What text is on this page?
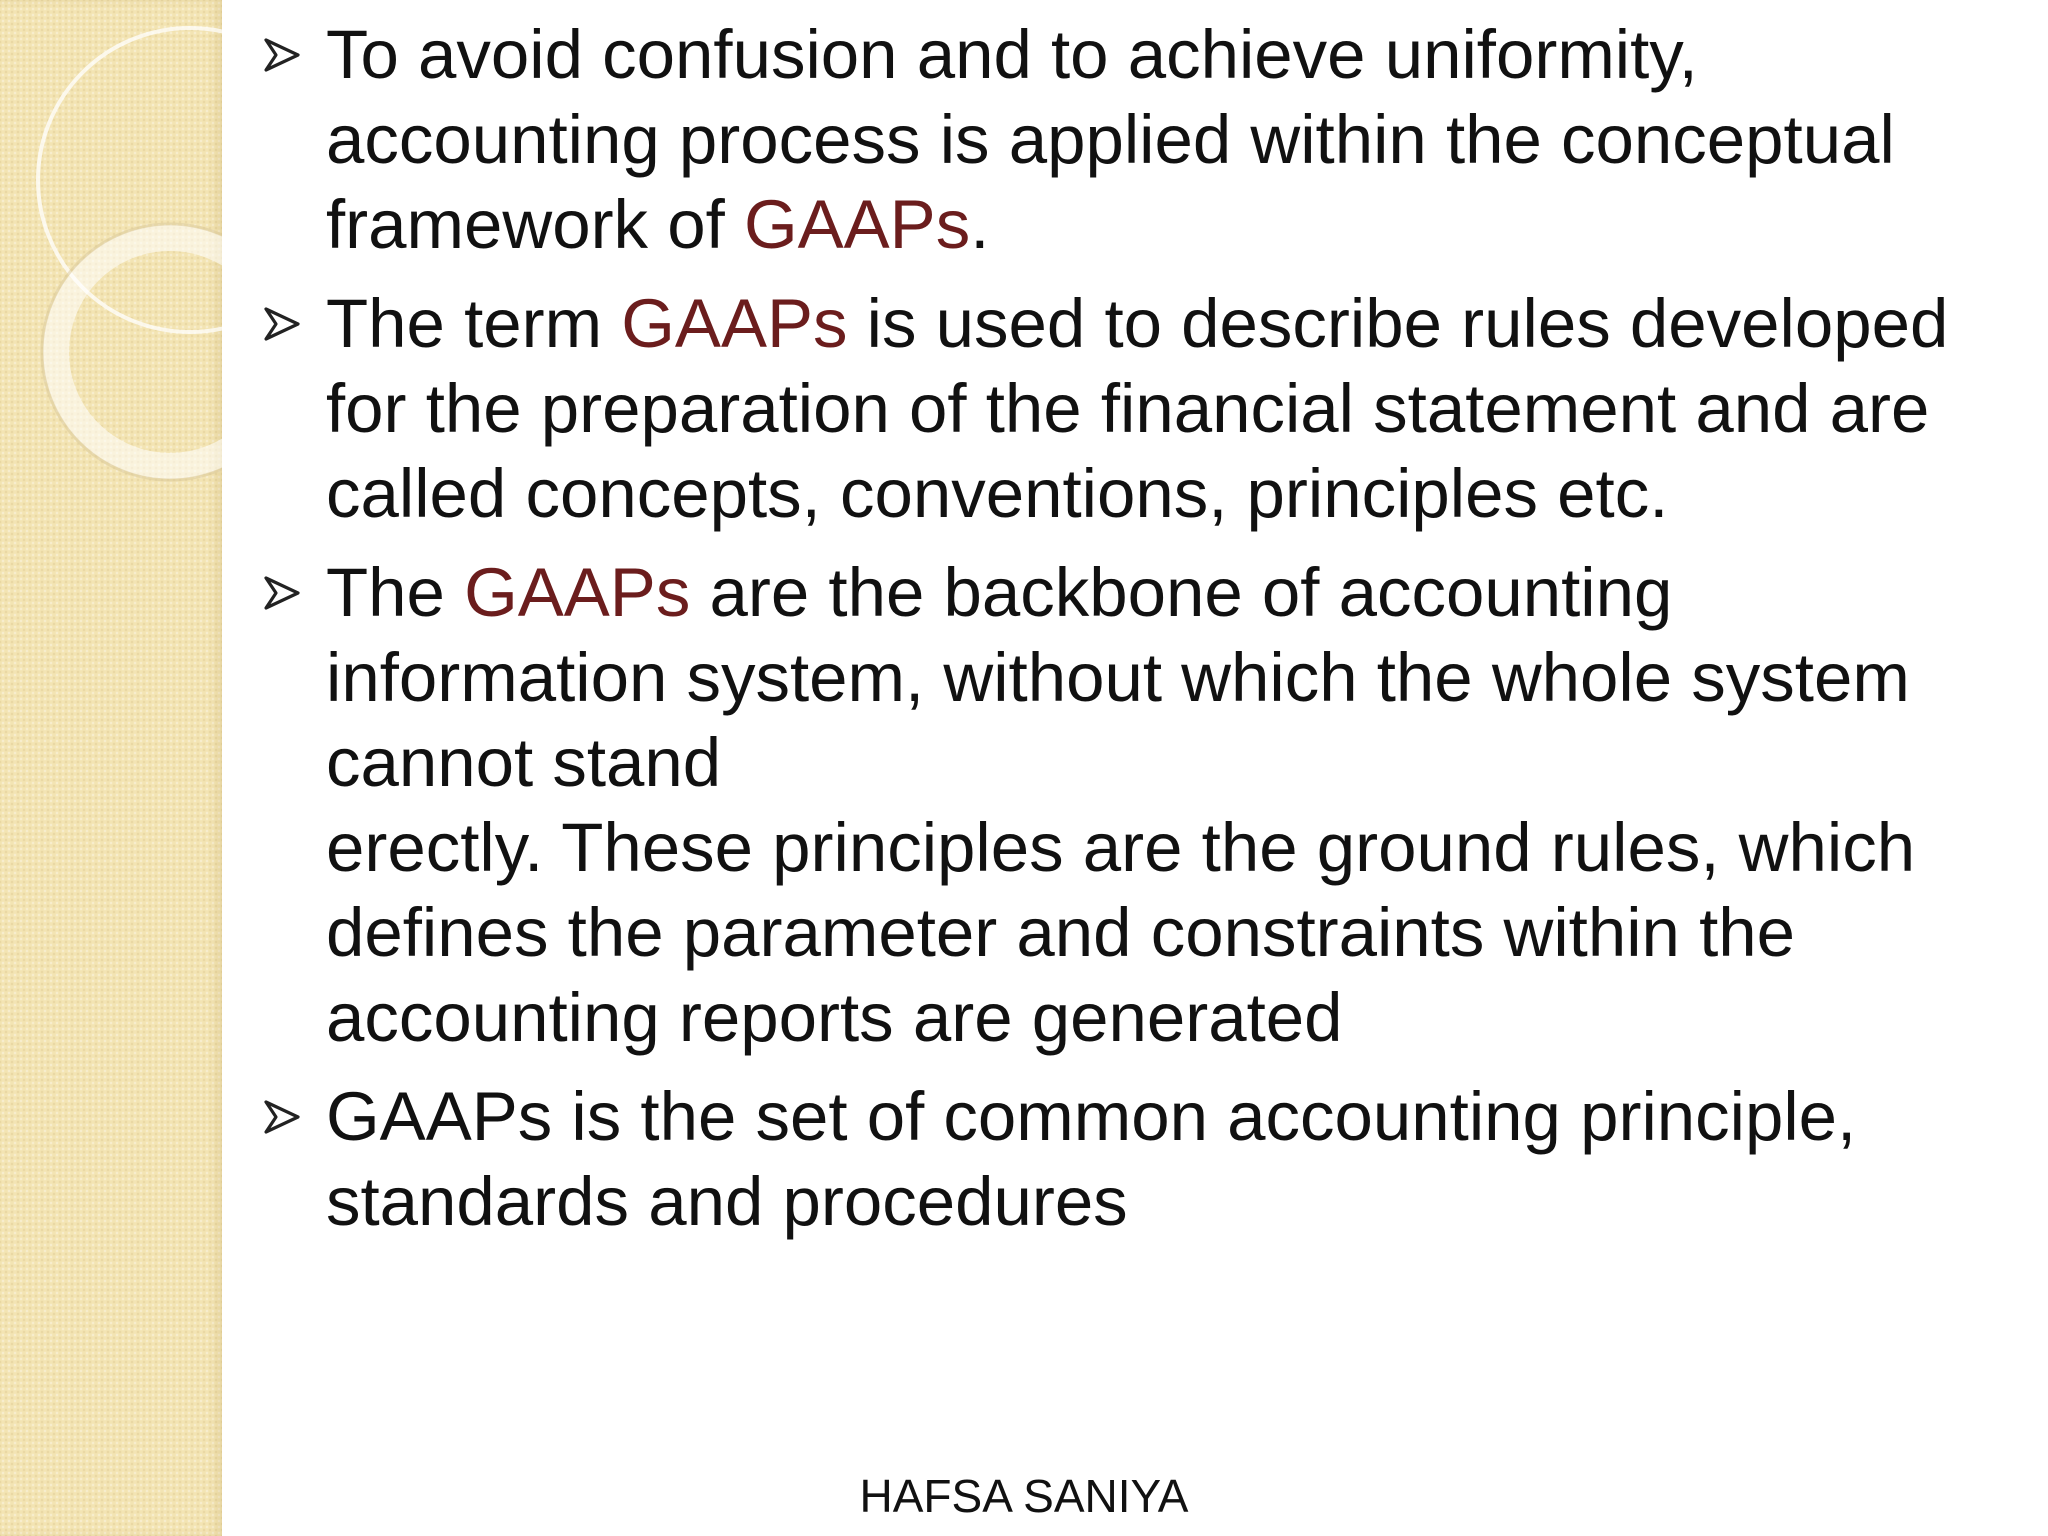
To avoid confusion and to achieve uniformity, accounting process is applied within the conceptual framework of GAAPs.
The term GAAPs is used to describe rules developed for the preparation of the financial statement and are called concepts, conventions, principles etc.
The GAAPs are the backbone of accounting information system, without which the whole system cannot stand
erectly. These principles are the ground rules, which defines the parameter and constraints within the accounting reports are generated
GAAPs is the set of common accounting principle, standards and procedures
HAFSA SANIYA
